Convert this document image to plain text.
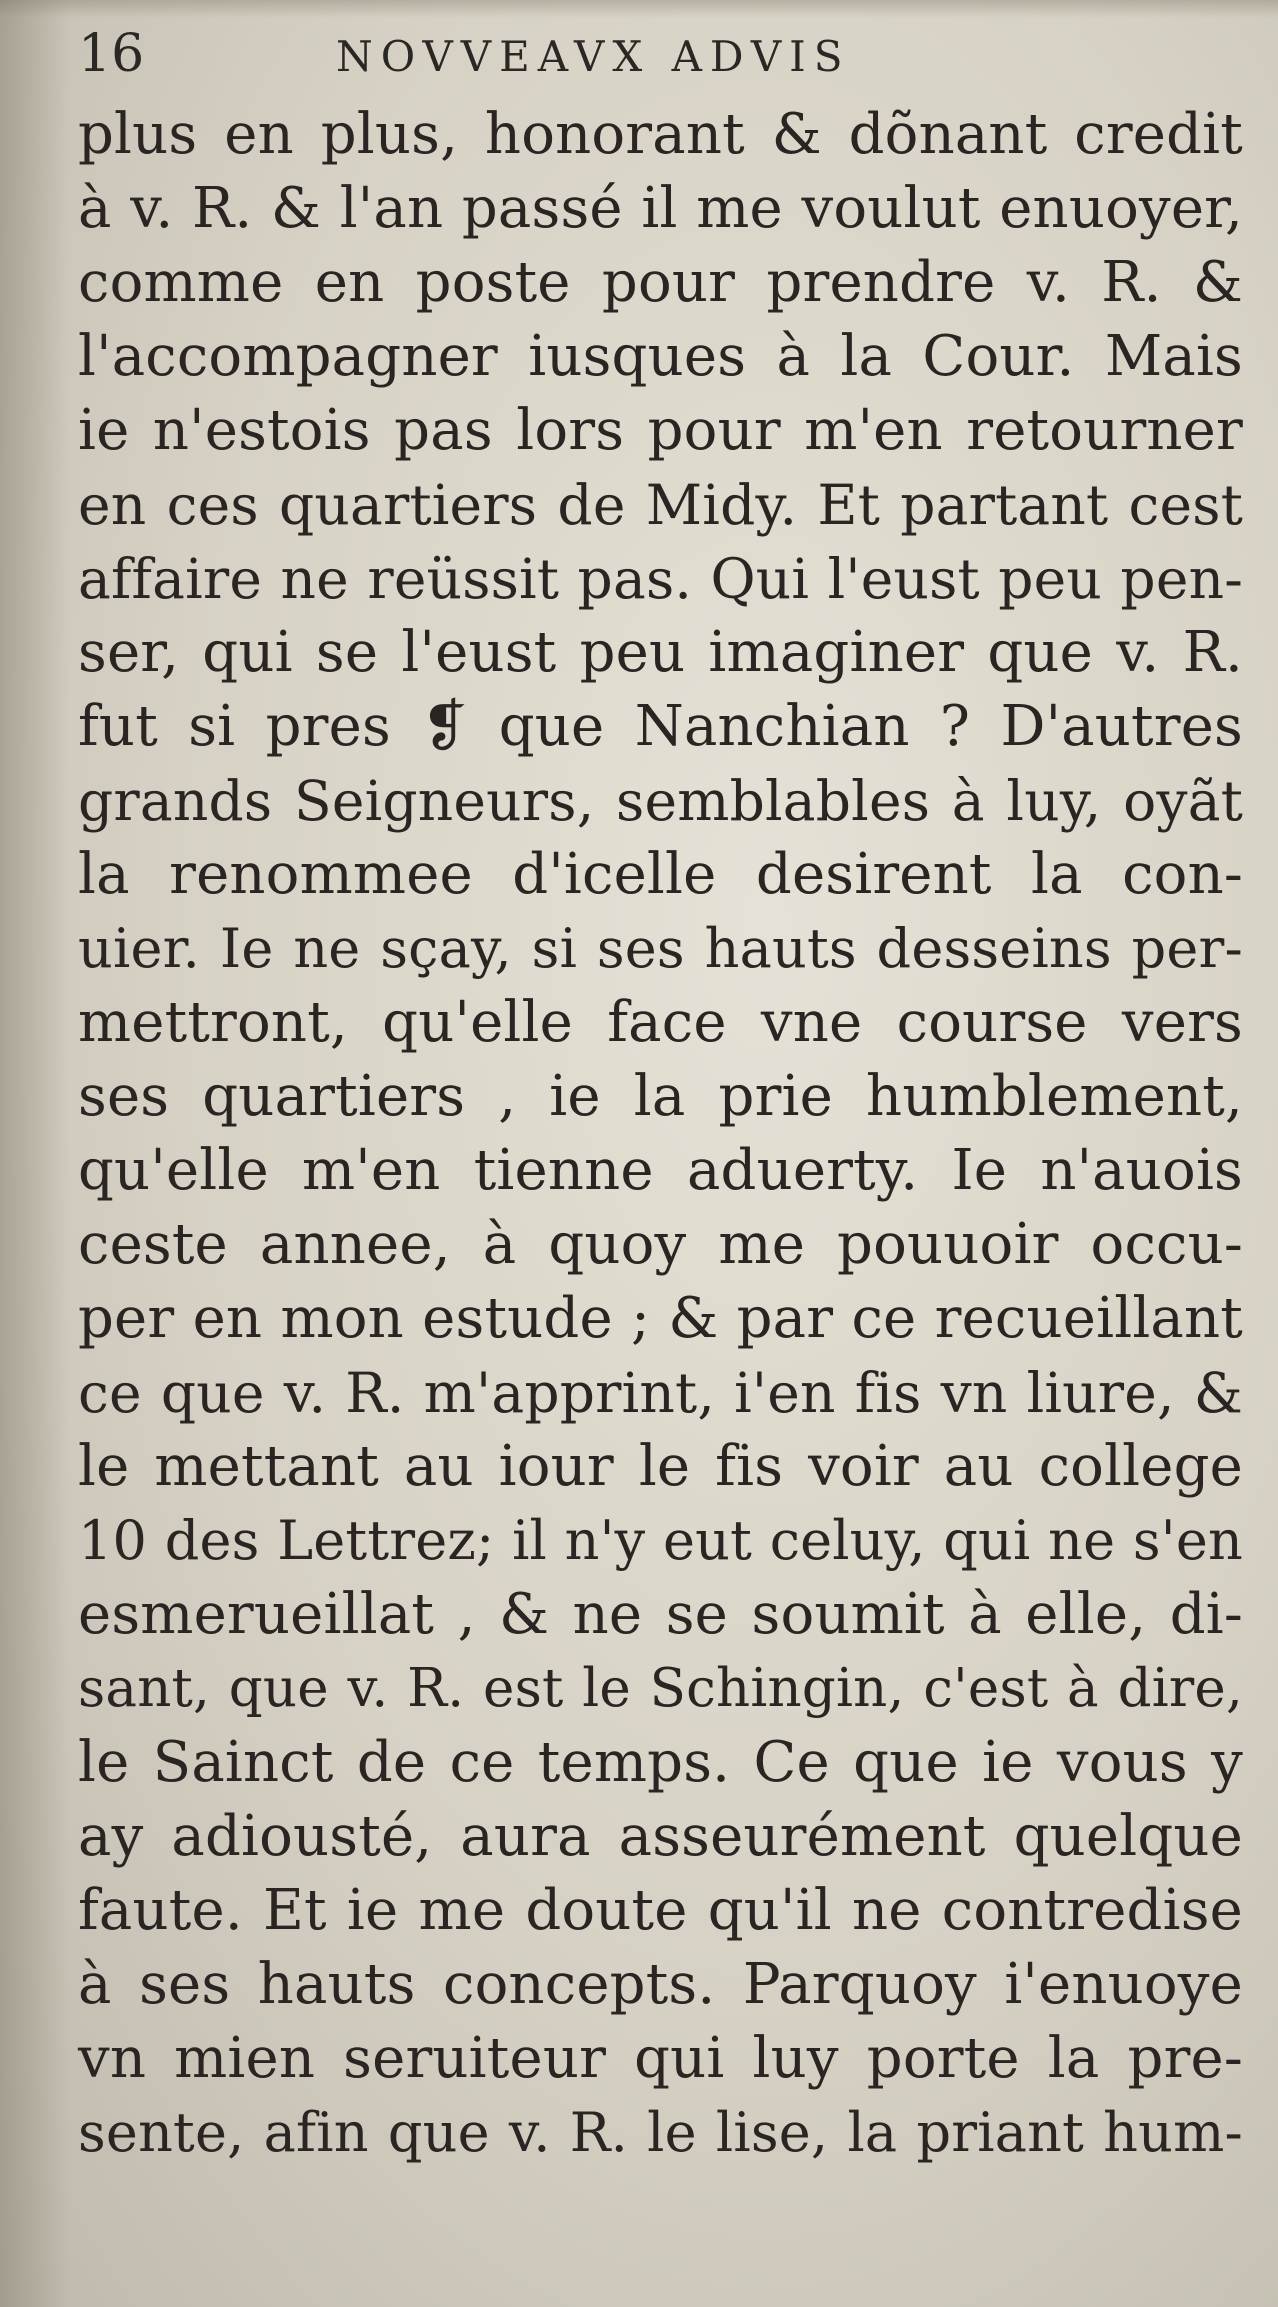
16	NOVVEAVX ADVIS
plus en plus, honorant & dõnant credit
à v. R. & l'an passé il me voulut enuoyer,
comme en poste pour prendre v. R. &
l'accompagner iusques à la Cour. Mais
ie n'estois pas lors pour m'en retourner
en ces quartiers de Midy. Et partant cest
affaire ne reüssit pas. Qui l'eust peu pen-
ser, qui se l'eust peu imaginer que v. R.
fut si pres ❡ que Nanchian ? D'autres
grands Seigneurs, semblables à luy, oyãt
la renommee d'icelle desirent la con-
uier. Ie ne sçay, si ses hauts desseins per-
mettront, qu'elle face vne course vers
ses quartiers , ie la prie humblement,
qu'elle m'en tienne aduerty. Ie n'auois
ceste annee, à quoy me pouuoir occu-
per en mon estude ; & par ce recueillant
ce que v. R. m'apprint, i'en fis vn liure, &
le mettant au iour le fis voir au college
10 des Lettrez; il n'y eut celuy, qui ne s'en
esmerueillat , & ne se soumit à elle, di-
sant, que v. R. est le Schingin, c'est à dire,
le Sainct de ce temps. Ce que ie vous y
ay adiousté, aura asseurément quelque
faute. Et ie me doute qu'il ne contredise
à ses hauts concepts. Parquoy i'enuoye
vn mien seruiteur qui luy porte la pre-
sente, afin que v. R. le lise, la priant hum-
